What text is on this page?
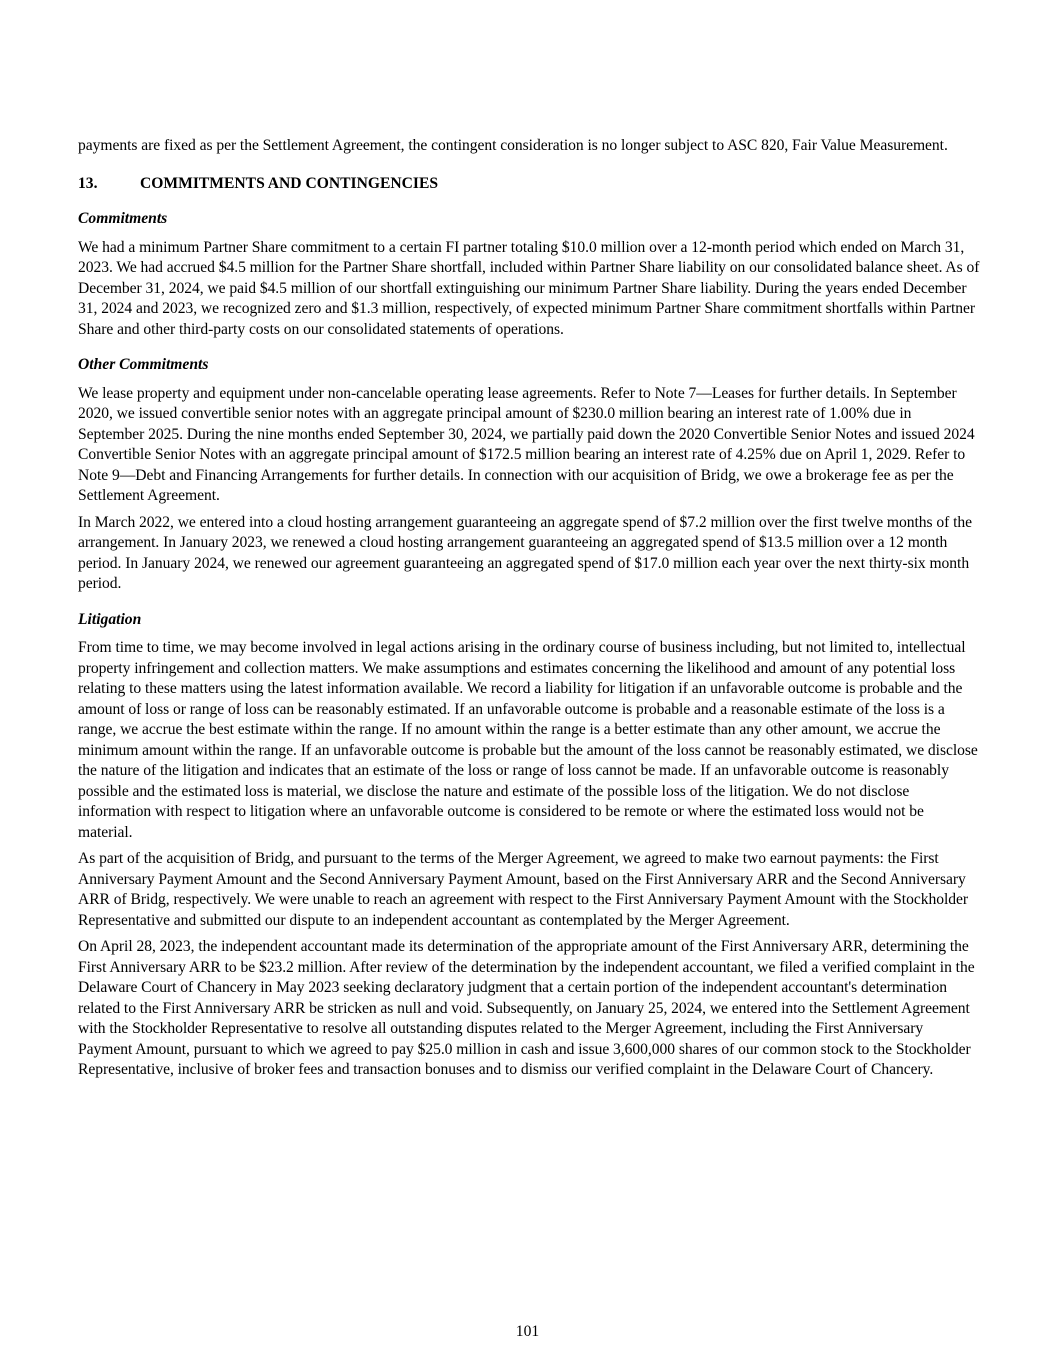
payments are fixed as per the Settlement Agreement, the contingent consideration is no longer subject to ASC 820, Fair Value Measurement.

13.	COMMITMENTS AND CONTINGENCIES
Commitments

We had a minimum Partner Share commitment to a certain FI partner totaling $10.0 million over a 12-month period which ended on March 31, 2023. We had accrued $4.5 million for the Partner Share shortfall, included within Partner Share liability on our consolidated balance sheet. As of December 31, 2024, we paid $4.5 million of our shortfall extinguishing our minimum Partner Share liability. During the years ended December 31, 2024 and 2023, we recognized zero and $1.3 million, respectively, of expected minimum Partner Share commitment shortfalls within Partner Share and other third-party costs on our consolidated statements of operations.

Other Commitments

We lease property and equipment under non-cancelable operating lease agreements. Refer to Note 7—Leases for further details. In September 2020, we issued convertible senior notes with an aggregate principal amount of $230.0 million bearing an interest rate of 1.00% due in September 2025. During the nine months ended September 30, 2024, we partially paid down the 2020 Convertible Senior Notes and issued 2024 Convertible Senior Notes with an aggregate principal amount of $172.5 million bearing an interest rate of 4.25% due on April 1, 2029. Refer to Note 9—Debt and Financing Arrangements for further details. In connection with our acquisition of Bridg, we owe a brokerage fee as per the Settlement Agreement.

In March 2022, we entered into a cloud hosting arrangement guaranteeing an aggregate spend of $7.2 million over the first twelve months of the arrangement. In January 2023, we renewed a cloud hosting arrangement guaranteeing an aggregated spend of $13.5 million over a 12 month period. In January 2024, we renewed our agreement guaranteeing an aggregated spend of $17.0 million each year over the next thirty-six month period.

Litigation

From time to time, we may become involved in legal actions arising in the ordinary course of business including, but not limited to, intellectual property infringement and collection matters. We make assumptions and estimates concerning the likelihood and amount of any potential loss relating to these matters using the latest information available. We record a liability for litigation if an unfavorable outcome is probable and the amount of loss or range of loss can be reasonably estimated. If an unfavorable outcome is probable and a reasonable estimate of the loss is a range, we accrue the best estimate within the range. If no amount within the range is a better estimate than any other amount, we accrue the minimum amount within the range. If an unfavorable outcome is probable but the amount of the loss cannot be reasonably estimated, we disclose the nature of the litigation and indicates that an estimate of the loss or range of loss cannot be made. If an unfavorable outcome is reasonably possible and the estimated loss is material, we disclose the nature and estimate of the possible loss of the litigation. We do not disclose information with respect to litigation where an unfavorable outcome is considered to be remote or where the estimated loss would not be material.

As part of the acquisition of Bridg, and pursuant to the terms of the Merger Agreement, we agreed to make two earnout payments: the First Anniversary Payment Amount and the Second Anniversary Payment Amount, based on the First Anniversary ARR and the Second Anniversary ARR of Bridg, respectively. We were unable to reach an agreement with respect to the First Anniversary Payment Amount with the Stockholder Representative and submitted our dispute to an independent accountant as contemplated by the Merger Agreement.

On April 28, 2023, the independent accountant made its determination of the appropriate amount of the First Anniversary ARR, determining the First Anniversary ARR to be $23.2 million. After review of the determination by the independent accountant, we filed a verified complaint in the Delaware Court of Chancery in May 2023 seeking declaratory judgment that a certain portion of the independent accountant's determination related to the First Anniversary ARR be stricken as null and void. Subsequently, on January 25, 2024, we entered into the Settlement Agreement with the Stockholder Representative to resolve all outstanding disputes related to the Merger Agreement, including the First Anniversary Payment Amount, pursuant to which we agreed to pay $25.0 million in cash and issue 3,600,000 shares of our common stock to the Stockholder Representative, inclusive of broker fees and transaction bonuses and to dismiss our verified complaint in the Delaware Court of Chancery.

101
